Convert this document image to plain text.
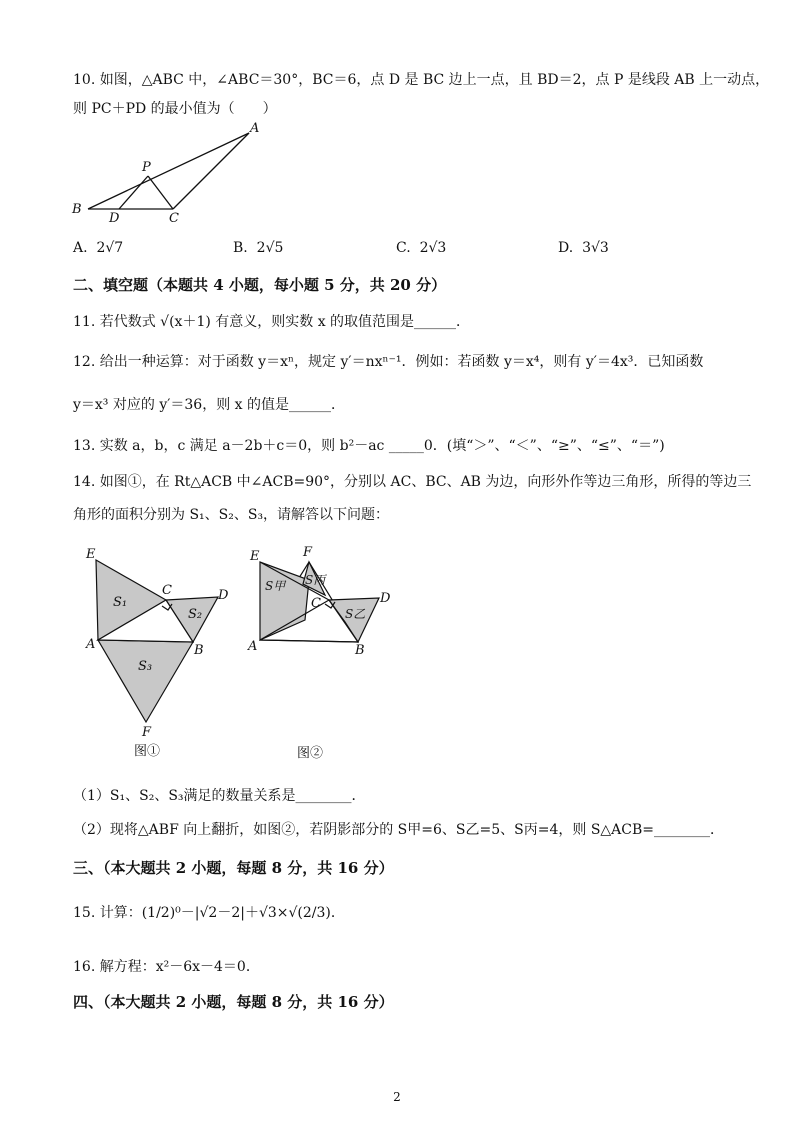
10. 如图，△ABC 中，∠ABC＝30°，BC＝6，点 D 是 BC 边上一点，且 BD＝2，点 P 是线段 AB 上一动点，
则 PC＋PD 的最小值为（　　）
A
B
C
D
P
A. 2√7	B. 2√5	C. 2√3	D. 3√3
二、填空题（本题共 4 小题，每小题 5 分，共 20 分）
11. 若代数式 √(x＋1) 有意义，则实数 x 的取值范围是______．
12. 给出一种运算：对于函数 y＝xⁿ，规定 y′＝nxⁿ⁻¹．例如：若函数 y＝x⁴，则有 y′＝4x³．已知函数
y＝x³ 对应的 y′＝36，则 x 的值是______．
13. 实数 a，b，c 满足 a－2b＋c＝0，则 b²－ac _____0．(填“＞”、“＜”、“≥”、“≤”、“＝”)
14. 如图①，在 Rt△ACB 中∠ACB=90°，分别以 AC、BC、AB 为边，向形外作等边三角形，所得的等边三
角形的面积分别为 S₁、S₂、S₃，请解答以下问题：
E
C	D
A	B
F
S₁
S₂
S₃
图①
E	F
C	D
A	B
S甲 S丙
S乙
图②
（1）S₁、S₂、S₃满足的数量关系是________．
（2）现将△ABF 向上翻折，如图②，若阴影部分的 S甲=6、S乙=5、S丙=4，则 S△ACB=________．
三、（本大题共 2 小题，每题 8 分，共 16 分）
15. 计算：(1/2)⁰－|√2－2|＋√3×√(2/3)．
16. 解方程：x²－6x－4＝0．
四、（本大题共 2 小题，每题 8 分，共 16 分）
2
